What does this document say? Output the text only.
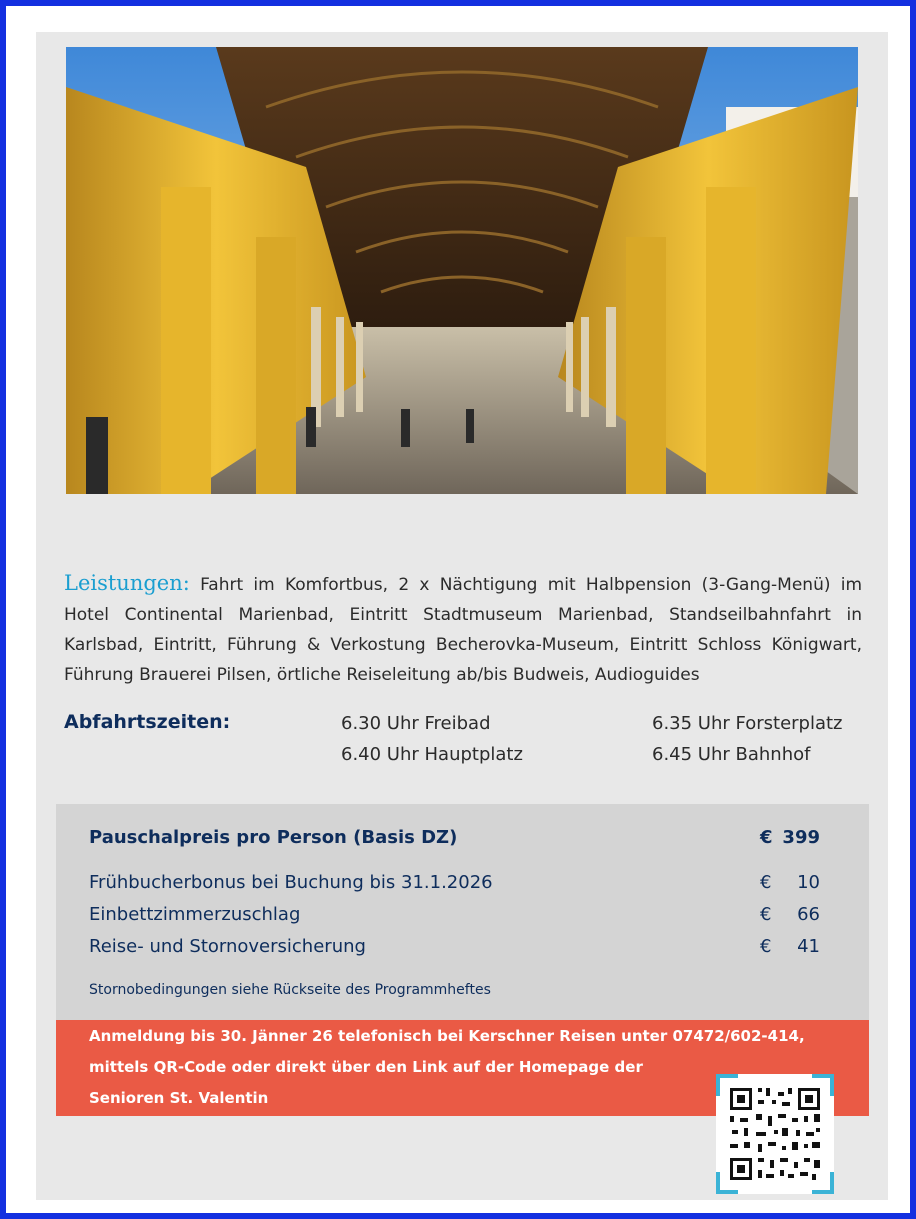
Leistungen: Fahrt im Komfortbus, 2 x Nächtigung mit Halbpension (3-Gang-Menü) im Hotel Continental Marienbad, Eintritt Stadtmuseum Marienbad, Standseilbahnfahrt in Karlsbad, Eintritt, Führung & Verkostung Becherovka-Museum, Eintritt Schloss Königwart, Führung Brauerei Pilsen, örtliche Reiseleitung ab/bis Budweis, Audioguides
Abfahrtszeiten:	6.30 Uhr Freibad	6.35 Uhr Forsterplatz
6.40 Uhr Hauptplatz	6.45 Uhr Bahnhof
Pauschalpreis pro Person (Basis DZ)	€ 399
Frühbucherbonus bei Buchung bis 31.1.2026	€ 10
Einbettzimmerzuschlag	€ 66
Reise- und Stornoversicherung	€ 41
Stornobedingungen siehe Rückseite des Programmheftes

Anmeldung bis 30. Jänner 26 telefonisch bei Kerschner Reisen unter 07472/602-414,

mittels QR-Code oder direkt über den Link auf der Homepage der

Senioren St. Valentin
